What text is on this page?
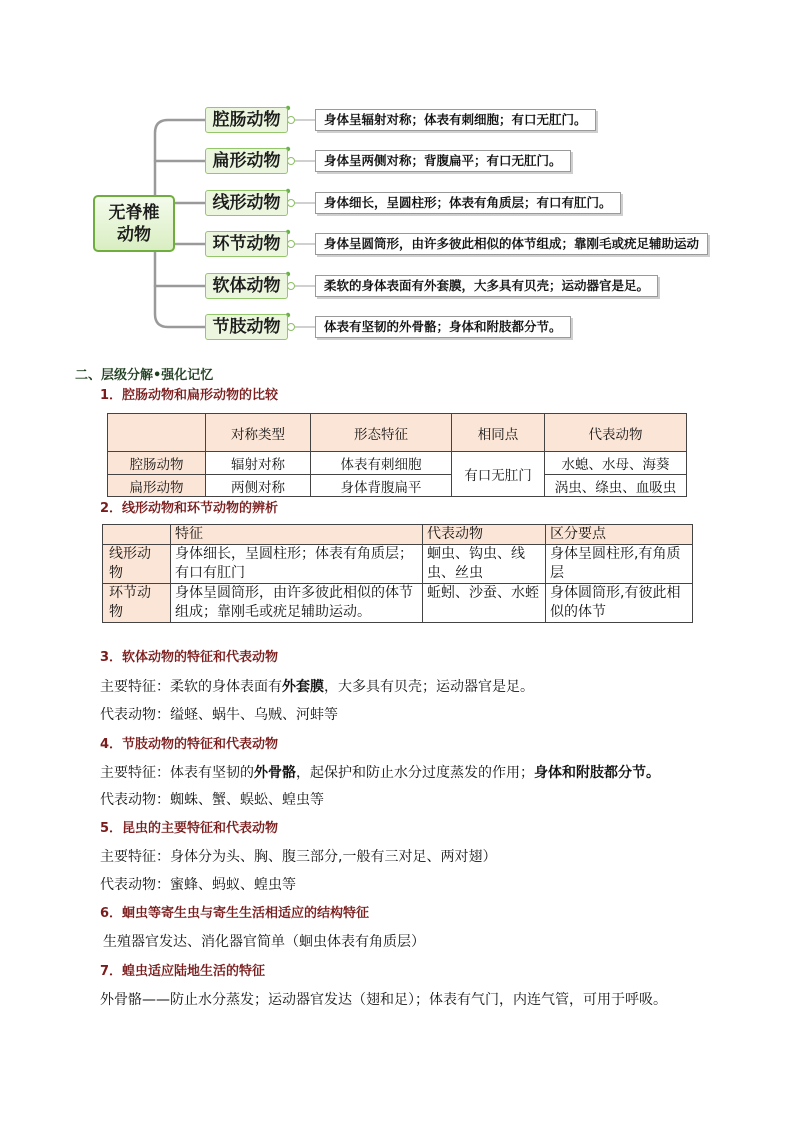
无脊椎
动物
腔肠动物
扁形动物
线形动物
环节动物
软体动物
节肢动物
身体呈辐射对称；体表有刺细胞；有口无肛门。
身体呈两侧对称；背腹扁平；有口无肛门。
身体细长，呈圆柱形；体表有角质层；有口有肛门。
身体呈圆筒形，由许多彼此相似的体节组成；靠刚毛或疣足辅助运动
柔软的身体表面有外套膜，大多具有贝壳；运动器官是足。
体表有坚韧的外骨骼；身体和附肢都分节。
二、层级分解•强化记忆
1．腔肠动物和扁形动物的比较
	对称类型	形态特征	相同点	代表动物
腔肠动物	辐射对称	体表有刺细胞	有口无肛门	水螅、水母、海葵
扁形动物	两侧对称	身体背腹扁平		涡虫、绦虫、血吸虫
2．线形动物和环节动物的辨析
	特征	代表动物	区分要点
线形动物	身体细长，呈圆柱形；体表有角质层；有口有肛门	蛔虫、钩虫、线虫、丝虫	身体呈圆柱形,有角质层
环节动物	身体呈圆筒形，由许多彼此相似的体节组成；靠刚毛或疣足辅助运动。	蚯蚓、沙蚕、水蛭	身体圆筒形,有彼此相似的体节
3．软体动物的特征和代表动物
主要特征：柔软的身体表面有外套膜，大多具有贝壳；运动器官是足。
代表动物：缢蛏、蜗牛、乌贼、河蚌等
4．节肢动物的特征和代表动物
主要特征：体表有坚韧的外骨骼，起保护和防止水分过度蒸发的作用；身体和附肢都分节。
代表动物：蜘蛛、蟹、蜈蚣、蝗虫等
5．昆虫的主要特征和代表动物
主要特征：身体分为头、胸、腹三部分,一般有三对足、两对翅）
代表动物：蜜蜂、蚂蚁、蝗虫等
6．蛔虫等寄生虫与寄生生活相适应的结构特征
生殖器官发达、消化器官简单（蛔虫体表有角质层）
7．蝗虫适应陆地生活的特征
外骨骼——防止水分蒸发；运动器官发达（翅和足）；体表有气门，内连气管，可用于呼吸。
